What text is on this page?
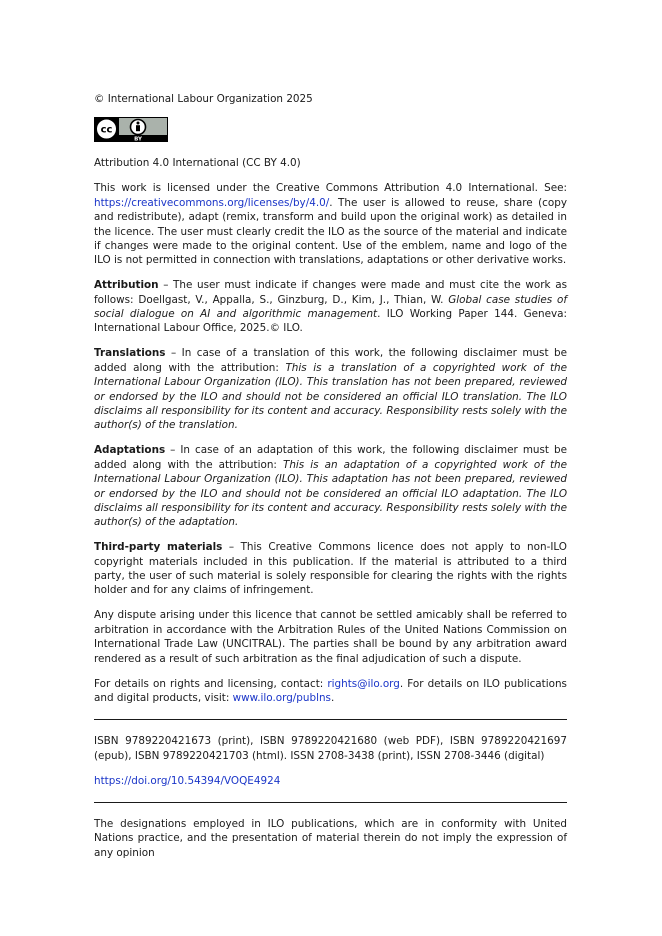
© International Labour Organization 2025

cc
BY

Attribution 4.0 International (CC BY 4.0)

This work is licensed under the Creative Commons Attribution 4.0 International. See: https://creativecommons.org/licenses/by/4.0/. The user is allowed to reuse, share (copy and redistribute), adapt (remix, transform and build upon the original work) as detailed in the licence. The user must clearly credit the ILO as the source of the material and indicate if changes were made to the original content. Use of the emblem, name and logo of the ILO is not permitted in connection with translations, adaptations or other derivative works.

Attribution – The user must indicate if changes were made and must cite the work as follows: Doellgast, V., Appalla, S., Ginzburg, D., Kim, J., Thian, W. Global case studies of social dialogue on AI and algorithmic management. ILO Working Paper 144. Geneva: International Labour Office, 2025.© ILO.

Translations – In case of a translation of this work, the following disclaimer must be added along with the attribution: This is a translation of a copyrighted work of the International Labour Organization (ILO). This translation has not been prepared, reviewed or endorsed by the ILO and should not be considered an official ILO translation. The ILO disclaims all responsibility for its content and accuracy. Responsibility rests solely with the author(s) of the translation.

Adaptations – In case of an adaptation of this work, the following disclaimer must be added along with the attribution: This is an adaptation of a copyrighted work of the International Labour Organization (ILO). This adaptation has not been prepared, reviewed or endorsed by the ILO and should not be considered an official ILO adaptation. The ILO disclaims all responsibility for its content and accuracy. Responsibility rests solely with the author(s) of the adaptation.

Third-party materials – This Creative Commons licence does not apply to non-ILO copyright materials included in this publication. If the material is attributed to a third party, the user of such material is solely responsible for clearing the rights with the rights holder and for any claims of infringement.

Any dispute arising under this licence that cannot be settled amicably shall be referred to arbitration in accordance with the Arbitration Rules of the United Nations Commission on International Trade Law (UNCITRAL). The parties shall be bound by any arbitration award rendered as a result of such arbitration as the final adjudication of such a dispute.

For details on rights and licensing, contact: rights@ilo.org. For details on ILO publications and digital products, visit: www.ilo.org/publns.

ISBN 9789220421673 (print), ISBN 9789220421680 (web PDF), ISBN 9789220421697 (epub), ISBN 9789220421703 (html). ISSN 2708-3438 (print), ISSN 2708-3446 (digital)

https://doi.org/10.54394/VOQE4924

The designations employed in ILO publications, which are in conformity with United Nations practice, and the presentation of material therein do not imply the expression of any opinion
